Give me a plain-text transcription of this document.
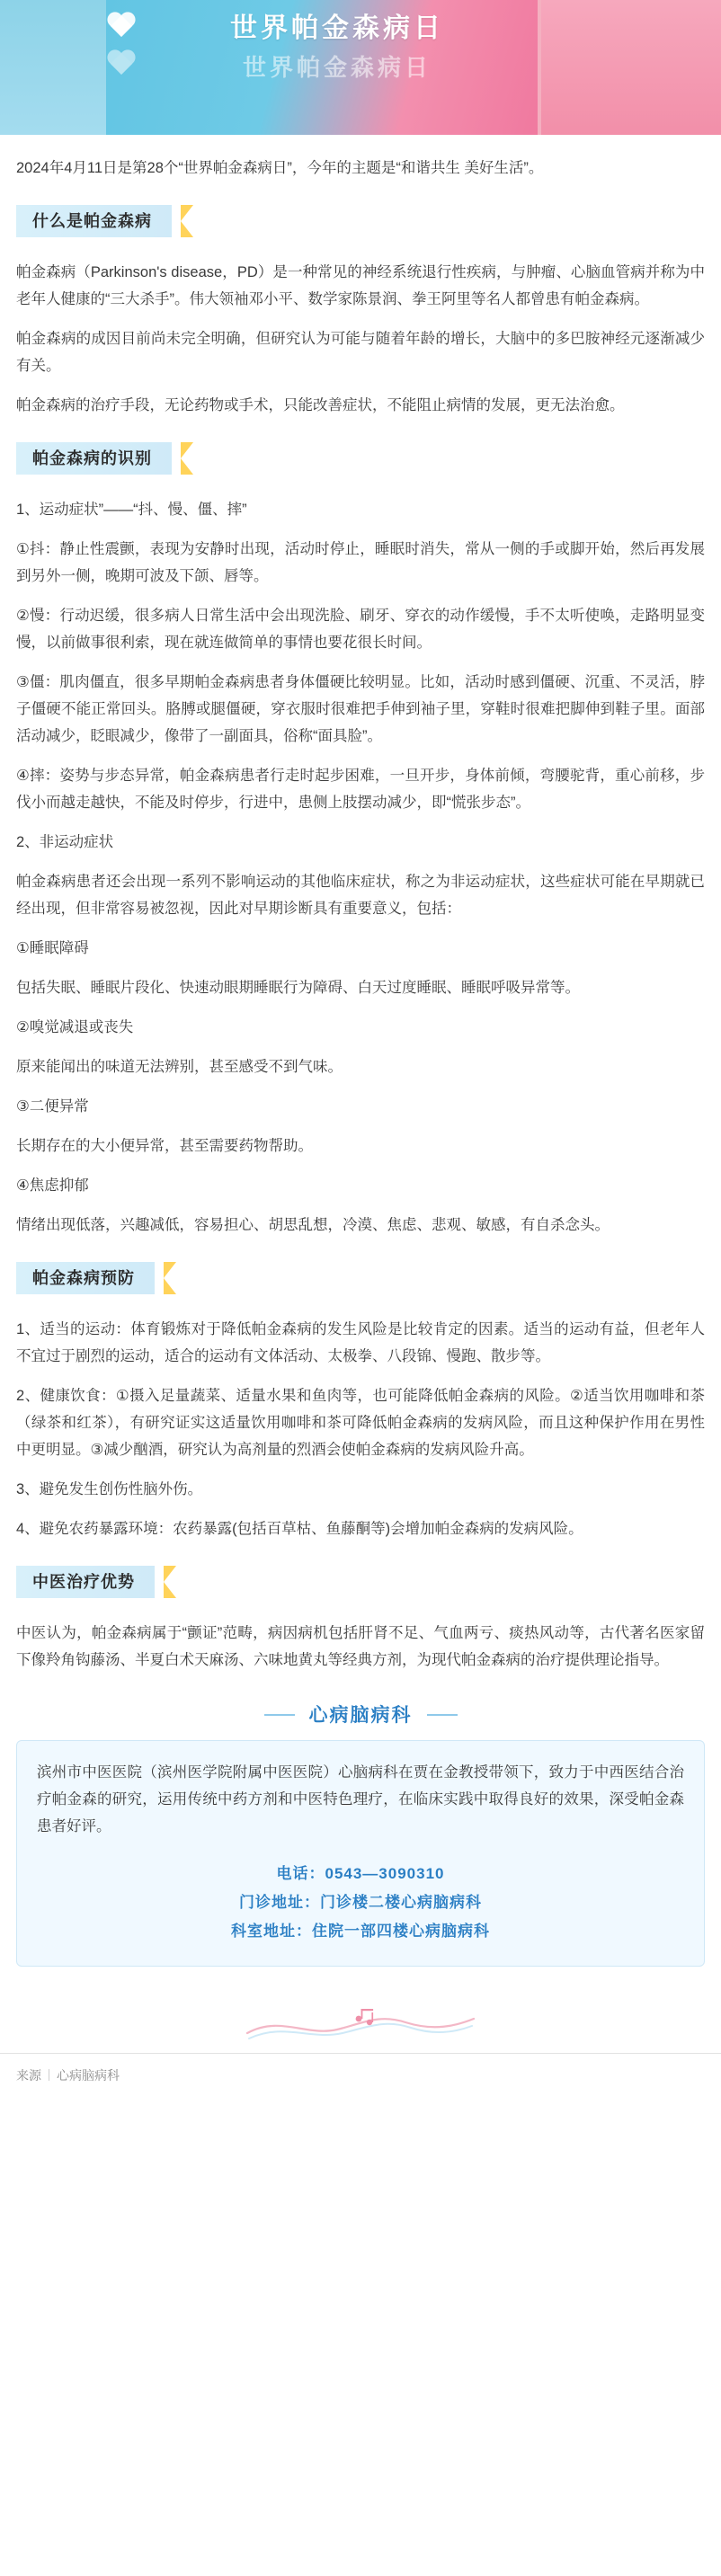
世界帕金森病日
世界帕金森病日

2024年4月11日是第28个“世界帕金森病日”，今年的主题是“和谐共生 美好生活”。

什么是帕金森病

帕金森病（Parkinson's disease，PD）是一种常见的神经系统退行性疾病，与肿瘤、心脑血管病并称为中老年人健康的“三大杀手”。伟大领袖邓小平、数学家陈景润、拳王阿里等名人都曾患有帕金森病。

帕金森病的成因目前尚未完全明确，但研究认为可能与随着年龄的增长，大脑中的多巴胺神经元逐渐减少有关。

帕金森病的治疗手段，无论药物或手术，只能改善症状，不能阻止病情的发展，更无法治愈。

帕金森病的识别

1、运动症状”——“抖、慢、僵、摔”

①抖：静止性震颤，表现为安静时出现，活动时停止，睡眠时消失，常从一侧的手或脚开始，然后再发展到另外一侧，晚期可波及下颌、唇等。

②慢：行动迟缓，很多病人日常生活中会出现洗脸、刷牙、穿衣的动作缓慢，手不太听使唤，走路明显变慢，以前做事很利索，现在就连做简单的事情也要花很长时间。

③僵：肌肉僵直，很多早期帕金森病患者身体僵硬比较明显。比如，活动时感到僵硬、沉重、不灵活，脖子僵硬不能正常回头。胳膊或腿僵硬，穿衣服时很难把手伸到袖子里，穿鞋时很难把脚伸到鞋子里。面部活动减少，眨眼减少，像带了一副面具，俗称“面具脸”。

④摔：姿势与步态异常，帕金森病患者行走时起步困难，一旦开步，身体前倾，弯腰驼背，重心前移，步伐小而越走越快，不能及时停步，行进中，患侧上肢摆动减少，即“慌张步态”。

2、非运动症状

帕金森病患者还会出现一系列不影响运动的其他临床症状，称之为非运动症状，这些症状可能在早期就已经出现，但非常容易被忽视，因此对早期诊断具有重要意义，包括：

①睡眠障碍

包括失眠、睡眠片段化、快速动眼期睡眠行为障碍、白天过度睡眠、睡眠呼吸异常等。

②嗅觉减退或丧失

原来能闻出的味道无法辨别，甚至感受不到气味。

③二便异常

长期存在的大小便异常，甚至需要药物帮助。

④焦虑抑郁

情绪出现低落，兴趣减低，容易担心、胡思乱想，冷漠、焦虑、悲观、敏感，有自杀念头。

帕金森病预防

1、适当的运动：体育锻炼对于降低帕金森病的发生风险是比较肯定的因素。适当的运动有益，但老年人不宜过于剧烈的运动，适合的运动有文体活动、太极拳、八段锦、慢跑、散步等。

2、健康饮食：①摄入足量蔬菜、适量水果和鱼肉等，也可能降低帕金森病的风险。②适当饮用咖啡和茶（绿茶和红茶），有研究证实这适量饮用咖啡和茶可降低帕金森病的发病风险，而且这种保护作用在男性中更明显。③减少酗酒，研究认为高剂量的烈酒会使帕金森病的发病风险升高。

3、避免发生创伤性脑外伤。

4、避免农药暴露环境：农药暴露(包括百草枯、鱼藤酮等)会增加帕金森病的发病风险。

中医治疗优势

中医认为，帕金森病属于“颤证”范畴，病因病机包括肝肾不足、气血两亏、痰热风动等，古代著名医家留下像羚角钩藤汤、半夏白术天麻汤、六味地黄丸等经典方剂，为现代帕金森病的治疗提供理论指导。

心病脑病科

滨州市中医医院（滨州医学院附属中医医院）心脑病科在贾在金教授带领下，致力于中西医结合治疗帕金森的研究，运用传统中药方剂和中医特色理疗，在临床实践中取得良好的效果，深受帕金森患者好评。

电话：0543—3090310
门诊地址：门诊楼二楼心病脑病科
科室地址：住院一部四楼心病脑病科
来源 心病脑病科
